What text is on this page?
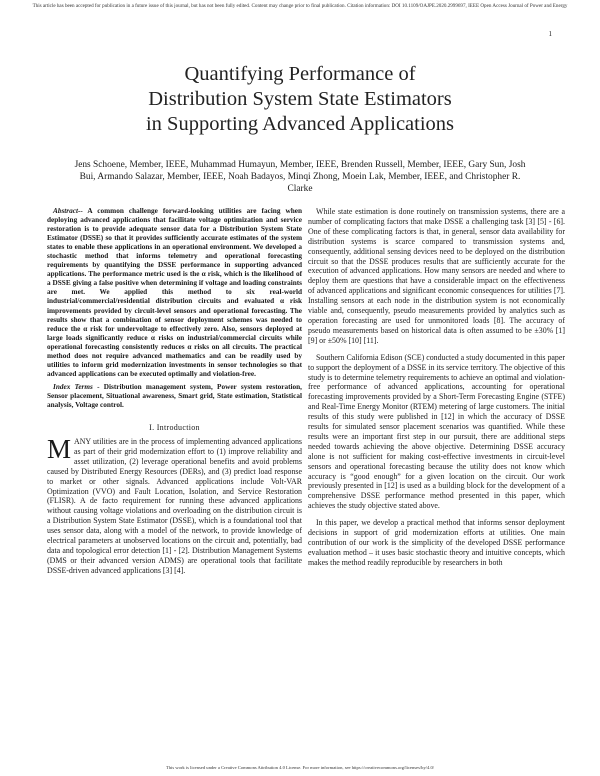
This article has been accepted for publication in a future issue of this journal, but has not been fully edited. Content may change prior to final publication. Citation information: DOI 10.1109/OAJPE.2020.2999697, IEEE Open Access Journal of Power and Energy
1
Quantifying Performance of
Distribution System State Estimators
in Supporting Advanced Applications
Jens Schoene, Member, IEEE, Muhammad Humayun, Member, IEEE, Brenden Russell, Member, IEEE, Gary Sun, Josh Bui, Armando Salazar, Member, IEEE, Noah Badayos, Minqi Zhong, Moein Lak, Member, IEEE, and Christopher R. Clarke

Abstract-- A common challenge forward-looking utilities are facing when deploying advanced applications that facilitate voltage optimization and service restoration is to provide adequate sensor data for a Distribution System State Estimator (DSSE) so that it provides sufficiently accurate estimates of the system states to enable these applications in an operational environment. We developed a stochastic method that informs telemetry and operational forecasting requirements by quantifying the DSSE performance in supporting advanced applications. The performance metric used is the α risk, which is the likelihood of a DSSE giving a false positive when determining if voltage and loading constraints are met. We applied this method to six real-world industrial/commercial/residential distribution circuits and evaluated α risk improvements provided by circuit-level sensors and operational forecasting. The results show that a combination of sensor deployment schemes was needed to reduce the α risk for undervoltage to effectively zero. Also, sensors deployed at large loads significantly reduce α risks on industrial/commercial circuits while operational forecasting consistently reduces α risks on all circuits. The practical method does not require advanced mathematics and can be readily used by utilities to inform grid modernization investments in sensor technologies so that advanced applications can be executed optimally and violation-free.

Index Terms - Distribution management system, Power system restoration, Sensor placement, Situational awareness, Smart grid, State estimation, Statistical analysis, Voltage control.

I. Introduction

MANY utilities are in the process of implementing advanced applications as part of their grid modernization effort to (1) improve reliability and asset utilization, (2) leverage operational benefits and avoid problems caused by Distributed Energy Resources (DERs), and (3) predict load response to market or other signals. Advanced applications include Volt-VAR Optimization (VVO) and Fault Location, Isolation, and Service Restoration (FLISR). A de facto requirement for running these advanced applications without causing voltage violations and overloading on the distribution circuit is a Distribution System State Estimator (DSSE), which is a foundational tool that uses sensor data, along with a model of the network, to provide knowledge of electrical parameters at unobserved locations on the circuit and, potentially, bad data and topological error detection [1] - [2]. Distribution Management Systems (DMS or their advanced version ADMS) are operational tools that facilitate DSSE-driven advanced applications [3] [4].

While state estimation is done routinely on transmission systems, there are a number of complicating factors that make DSSE a challenging task [3] [5] - [6]. One of these complicating factors is that, in general, sensor data availability for distribution systems is scarce compared to transmission systems and, consequently, additional sensing devices need to be deployed on the distribution circuit so that the DSSE produces results that are sufficiently accurate for the execution of advanced applications. How many sensors are needed and where to deploy them are questions that have a considerable impact on the effectiveness of advanced applications and significant economic consequences for utilities [7]. Installing sensors at each node in the distribution system is not economically viable and, consequently, pseudo measurements provided by analytics such as operation forecasting are used for unmonitored loads [8]. The accuracy of pseudo measurements based on historical data is often assumed to be ±30% [1] [9] or ±50% [10] [11].

Southern California Edison (SCE) conducted a study documented in this paper to support the deployment of a DSSE in its service territory. The objective of this study is to determine telemetry requirements to achieve an optimal and violation-free performance of advanced applications, accounting for operational forecasting improvements provided by a Short-Term Forecasting Engine (STFE) and Real-Time Energy Monitor (RTEM) metering of large customers. The initial results of this study were published in [12] in which the accuracy of DSSE results for simulated sensor placement scenarios was quantified. While these results were an important first step in our pursuit, there are additional steps needed towards achieving the above objective. Determining DSSE accuracy alone is not sufficient for making cost-effective investments in circuit-level sensors and operational forecasting because the utility does not know which accuracy is “good enough” for a given location on the circuit. Our work previously presented in [12] is used as a building block for the development of a comprehensive DSSE performance method presented in this paper, which achieves the study objective stated above.

In this paper, we develop a practical method that informs sensor deployment decisions in support of grid modernization efforts at utilities. One main contribution of our work is the simplicity of the developed DSSE performance evaluation method – it uses basic stochastic theory and intuitive concepts, which makes the method readily reproducible by researchers in both

This work is licensed under a Creative Commons Attribution 4.0 License. For more information, see https://creativecommons.org/licenses/by/4.0/
